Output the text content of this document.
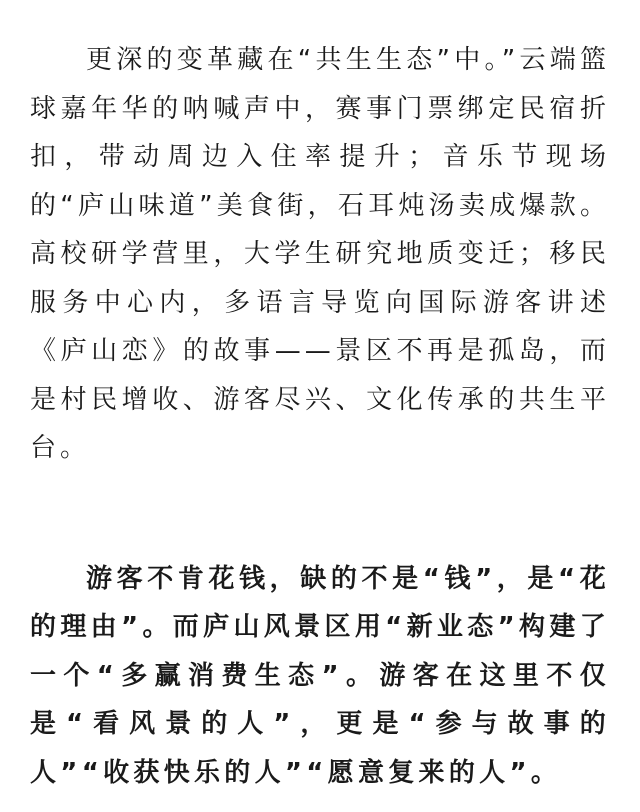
更深的变革藏在“共生生态”中。”云端篮球嘉年华的呐喊声中，赛事门票绑定民宿折扣，带动周边入住率提升；音乐节现场的“庐山味道”美食街，石耳炖汤卖成爆款。高校研学营里，大学生研究地质变迁；移民服务中心内，多语言导览向国际游客讲述《庐山恋》的故事——景区不再是孤岛，而是村民增收、游客尽兴、文化传承的共生平台。

游客不肯花钱，缺的不是“钱”，是“花的理由”。而庐山风景区用“新业态”构建了一个“多赢消费生态”。游客在这里不仅是“看风景的人”，更是“参与故事的人”“收获快乐的人”“愿意复来的人”。
